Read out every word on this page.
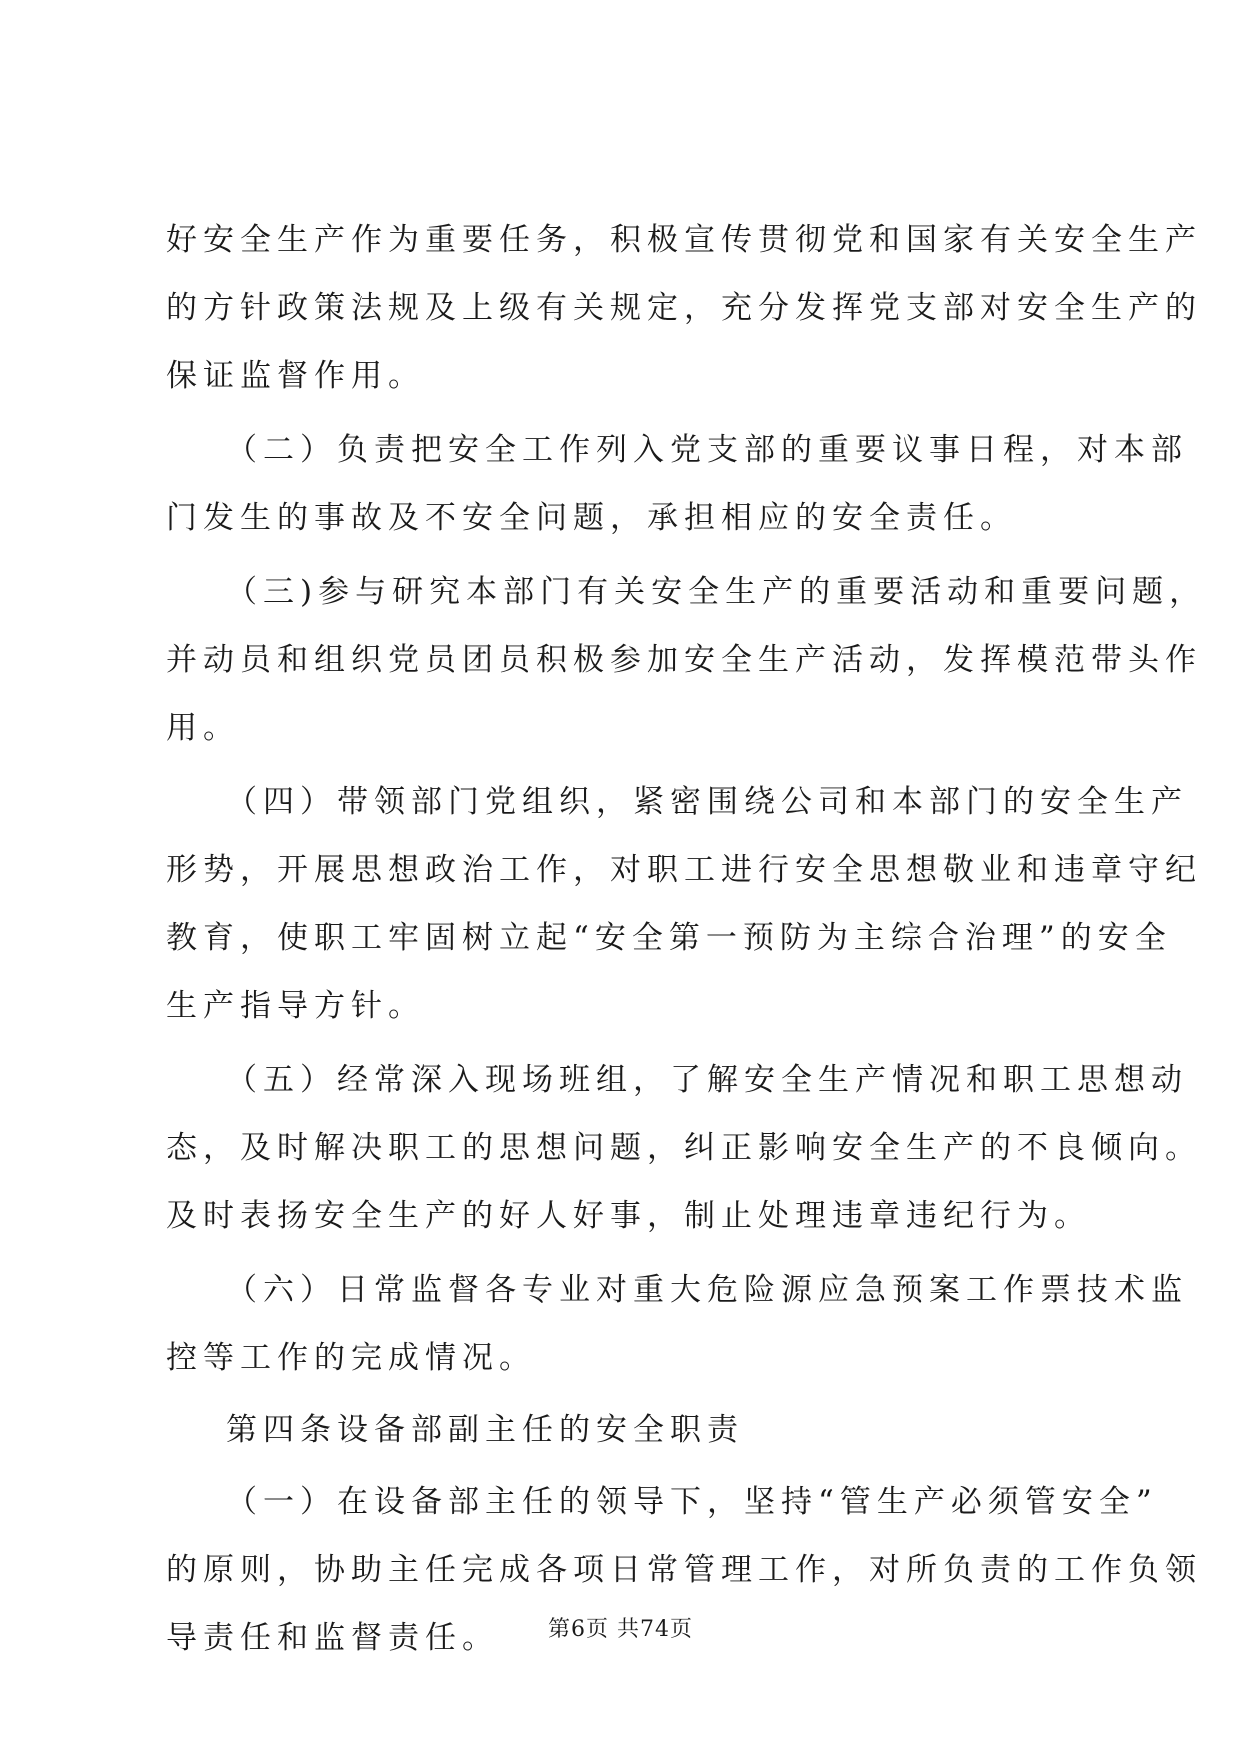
好安全生产作为重要任务，积极宣传贯彻党和国家有关安全生产
的方针政策法规及上级有关规定，充分发挥党支部对安全生产的
保证监督作用。
（二）负责把安全工作列入党支部的重要议事日程，对本部
门发生的事故及不安全问题，承担相应的安全责任。
（三)参与研究本部门有关安全生产的重要活动和重要问题，
并动员和组织党员团员积极参加安全生产活动，发挥模范带头作
用。
（四）带领部门党组织，紧密围绕公司和本部门的安全生产
形势，开展思想政治工作，对职工进行安全思想敬业和违章守纪
教育，使职工牢固树立起“安全第一预防为主综合治理”的安全
生产指导方针。
（五）经常深入现场班组，了解安全生产情况和职工思想动
态，及时解决职工的思想问题，纠正影响安全生产的不良倾向。
及时表扬安全生产的好人好事，制止处理违章违纪行为。
（六）日常监督各专业对重大危险源应急预案工作票技术监
控等工作的完成情况。
第四条设备部副主任的安全职责
（一）在设备部主任的领导下，坚持“管生产必须管安全”
的原则，协助主任完成各项日常管理工作，对所负责的工作负领
导责任和监督责任。	第6页 共74页
